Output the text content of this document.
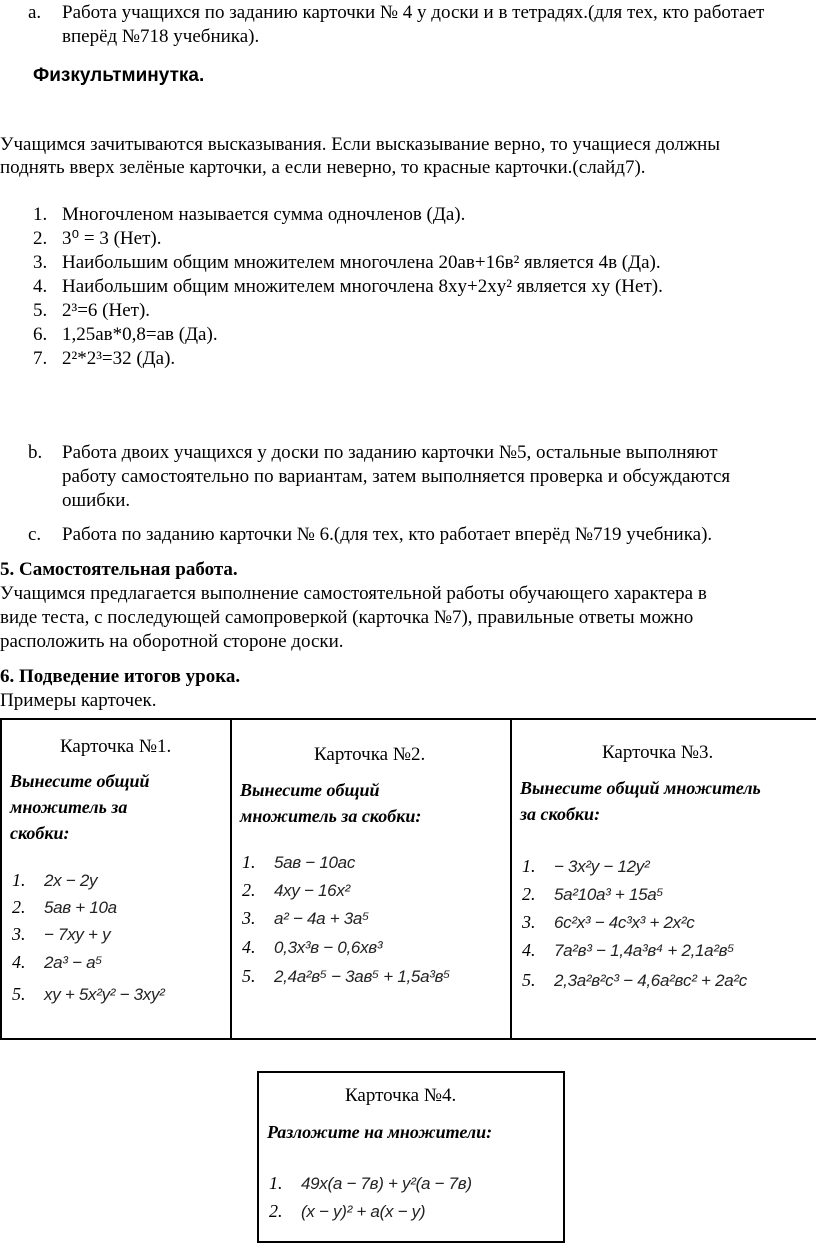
a. Работа учащихся по заданию карточки № 4 у доски и в тетрадях.(для тех, кто работает
вперёд №718 учебника).
Физкультминутка.
Учащимся зачитываются высказывания. Если высказывание верно, то учащиеся должны
поднять вверх зелёные карточки, а если неверно, то красные карточки.(слайд7).
1. Многочленом называется сумма одночленов (Да).
2. 3⁰ = 3 (Нет).
3. Наибольшим общим множителем многочлена 20ав+16в² является 4в (Да).
4. Наибольшим общим множителем многочлена 8xy+2xy² является xy (Нет).
5. 2³=6 (Нет).
6. 1,25ав*0,8=ав (Да).
7. 2²*2³=32 (Да).
b. Работа двоих учащихся у доски по заданию карточки №5, остальные выполняют
работу самостоятельно по вариантам, затем выполняется проверка и обсуждаются
ошибки.
c. Работа по заданию карточки № 6.(для тех, кто работает вперёд №719 учебника).
5. Самостоятельная работа.
Учащимся предлагается выполнение самостоятельной работы обучающего характера в
виде теста, с последующей самопроверкой (карточка №7), правильные ответы можно
расположить на оборотной стороне доски.
6. Подведение итогов урока.
Примеры карточек.
Карточка №1.
Вынесите общий
множитель за
скобки:
1. 2x − 2y
2. 5ав + 10a
3. − 7xy + y
4. 2a³ − a⁵
5. xy + 5x²y² − 3xy²
Карточка №2.
Вынесите общий
множитель за скобки:
1. 5aв − 10ac
2. 4xy − 16x²
3. a² − 4a + 3a⁵
4. 0,3x³в − 0,6xв³
5. 2,4a²в⁵ − 3aв⁵ + 1,5a³в⁵
Карточка №3.
Вынесите общий множитель
за скобки:
1. − 3x²y − 12y²
2. 5a²10a³ + 15a⁵
3. 6c²x³ − 4c³x³ + 2x²c
4. 7a²в³ − 1,4a³в⁴ + 2,1a²в⁵
5. 2,3a²в²c³ − 4,6a²вc² + 2a²c
Карточка №4.
Разложите на множители:
1. 49x(a − 7в) + y²(a − 7в)
2. (x − y)² + a(x − y)
